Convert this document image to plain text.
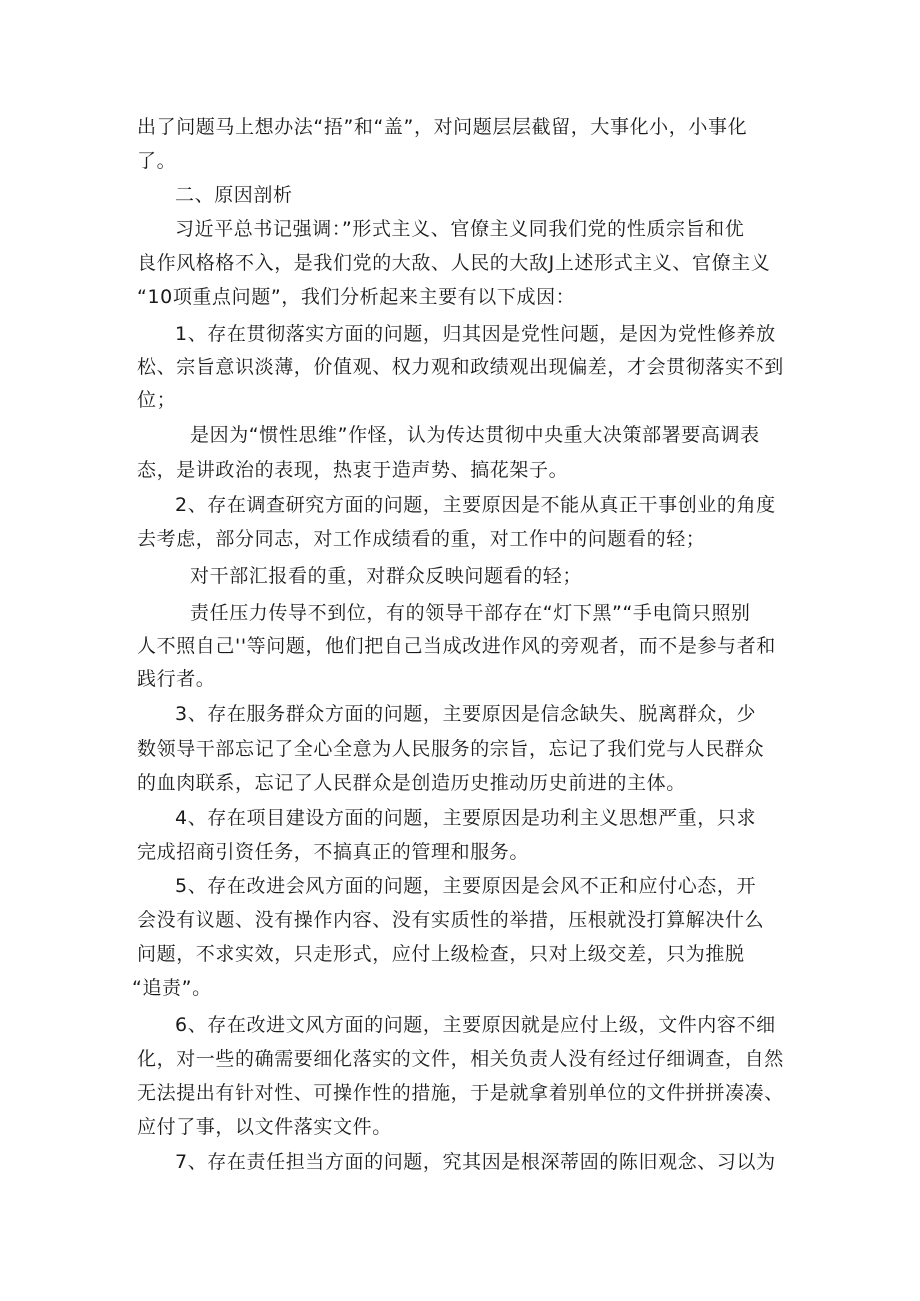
出了问题马上想办法“捂”和“盖”，对问题层层截留，大事化小，小事化
了。
二、原因剖析
习近平总书记强调：”形式主义、官僚主义同我们党的性质宗旨和优
良作风格格不入，是我们党的大敌、人民的大敌J上述形式主义、官僚主义
“10项重点问题”，我们分析起来主要有以下成因：
1、存在贯彻落实方面的问题，归其因是党性问题，是因为党性修养放
松、宗旨意识淡薄，价值观、权力观和政绩观出现偏差，才会贯彻落实不到
位；
是因为“惯性思维”作怪，认为传达贯彻中央重大决策部署要高调表
态，是讲政治的表现，热衷于造声势、搞花架子。
2、存在调查研究方面的问题，主要原因是不能从真正干事创业的角度
去考虑，部分同志，对工作成绩看的重，对工作中的问题看的轻；
对干部汇报看的重，对群众反映问题看的轻；
责任压力传导不到位，有的领导干部存在“灯下黑”“手电筒只照别
人不照自己''等问题，他们把自己当成改进作风的旁观者，而不是参与者和
践行者。
3、存在服务群众方面的问题，主要原因是信念缺失、脱离群众，少
数领导干部忘记了全心全意为人民服务的宗旨，忘记了我们党与人民群众
的血肉联系，忘记了人民群众是创造历史推动历史前进的主体。
4、存在项目建设方面的问题，主要原因是功利主义思想严重，只求
完成招商引资任务，不搞真正的管理和服务。
5、存在改进会风方面的问题，主要原因是会风不正和应付心态，开
会没有议题、没有操作内容、没有实质性的举措，压根就没打算解决什么
问题，不求实效，只走形式，应付上级检查，只对上级交差，只为推脱
“追责”。
6、存在改进文风方面的问题，主要原因就是应付上级，文件内容不细
化，对一些的确需要细化落实的文件，相关负责人没有经过仔细调查，自然
无法提出有针对性、可操作性的措施，于是就拿着别单位的文件拼拼凑凑、
应付了事，以文件落实文件。
7、存在责任担当方面的问题，究其因是根深蒂固的陈旧观念、习以为
